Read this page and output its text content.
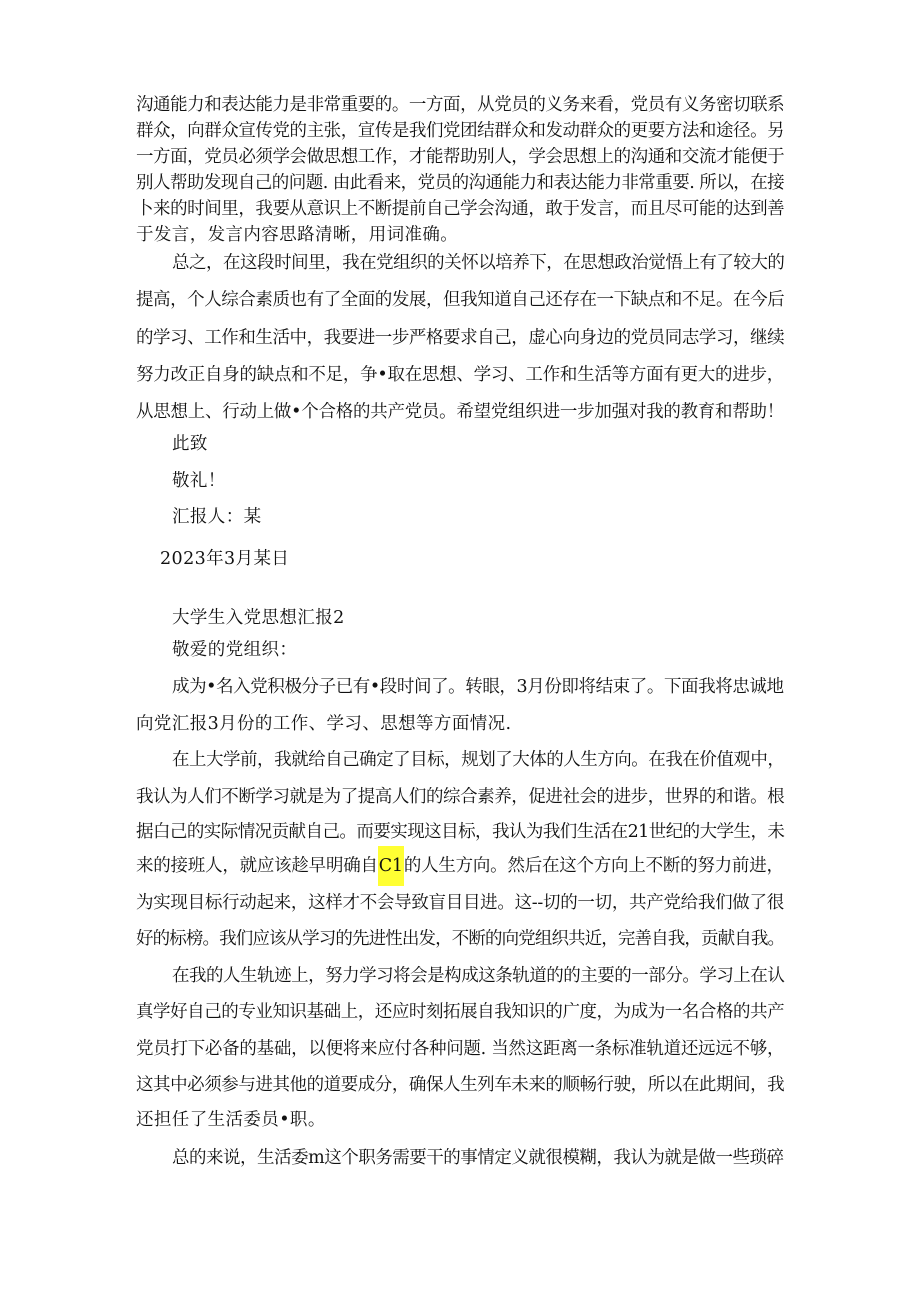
沟通能力和表达能力是非常重要的。一方面，从党员的义务来看，党员有义务密切联系

群众，向群众宣传党的主张，宣传是我们党团结群众和发动群众的更要方法和途径。另

一方面，党员必须学会做思想工作，才能帮助别人，学会思想上的沟通和交流才能便于

别人帮助发现自己的问题. 由此看来，党员的沟通能力和表达能力非常重要. 所以，在接

卜来的时间里，我要从意识上不断提前自己学会沟通，敢于发言，而且尽可能的达到善

于发言，发言内容思路清晰，用词准确。

总之，在这段时间里，我在党组织的关怀以培养下，在思想政治觉悟上有了较大的

提高，个人综合素质也有了全面的发展，但我知道自己还存在一下缺点和不足。在今后

的学习、工作和生活中，我要进一步严格要求自己，虚心向身边的党员同志学习，继续

努力改正自身的缺点和不足，争•取在思想、学习、工作和生活等方面有更大的进步，

从思想上、行动上做•个合格的共产党员。希望党组织进一步加强对我的教育和帮助！

此致

敬礼！

汇报人：某

2023年3月某日

大学生入党思想汇报2

敬爱的党组织：

成为•名入党积极分子已有•段时间了。转眼，3月份即将结束了。下面我将忠诚地

向党汇报3月份的工作、学习、思想等方面情况.

在上大学前，我就给自己确定了目标，规划了大体的人生方向。在我在价值观中，

我认为人们不断学习就是为了提高人们的综合素养，促进社会的进步，世界的和谐。根

据白己的实际情况贡献自己。而要实现这目标，我认为我们生活在21世纪的大学生，未

来的接班人，就应该趁早明确自C1的人生方向。然后在这个方向上不断的努力前进，

为实现目标行动起来，这样才不会导致盲目目进。这--切的一切，共产党给我们做了很

好的标榜。我们应该从学习的先进性出发，不断的向党组织共近，完善自我，贡献自我。

在我的人生轨迹上，努力学习将会是构成这条轨道的的主要的一部分。学习上在认

真学好自己的专业知识基础上，还应时刻拓展自我知识的广度，为成为一名合格的共产

党员打下必备的基础，以便将来应付各种问题. 当然这距离一条标准轨道还远远不够，

这其中必须参与进其他的道要成分，确保人生列车未来的顺畅行驶，所以在此期间，我

还担任了生活委员•职。

总的来说，生活委m这个职务需要干的事情定义就很模糊，我认为就是做一些琐碎
